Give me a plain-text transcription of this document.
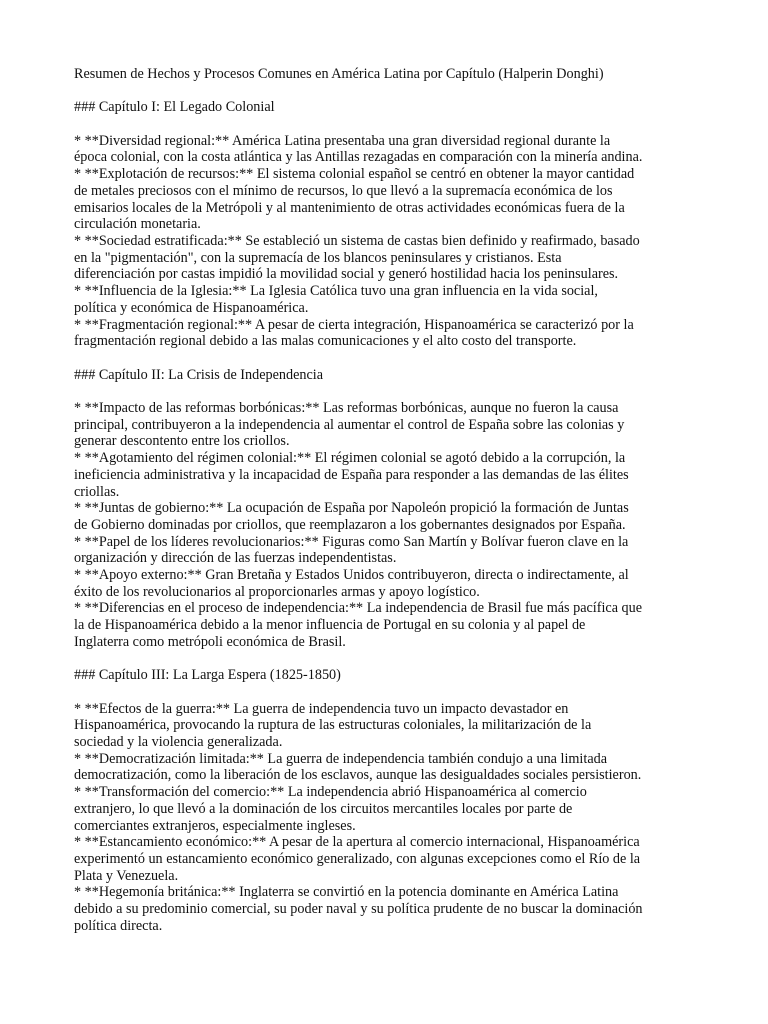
Resumen de Hechos y Procesos Comunes en América Latina por Capítulo (Halperin Donghi)

### Capítulo I: El Legado Colonial

* **Diversidad regional:** América Latina presentaba una gran diversidad regional durante la
época colonial, con la costa atlántica y las Antillas rezagadas en comparación con la minería andina.
* **Explotación de recursos:** El sistema colonial español se centró en obtener la mayor cantidad
de metales preciosos con el mínimo de recursos, lo que llevó a la supremacía económica de los
emisarios locales de la Metrópoli y al mantenimiento de otras actividades económicas fuera de la
circulación monetaria.
* **Sociedad estratificada:** Se estableció un sistema de castas bien definido y reafirmado, basado
en la "pigmentación", con la supremacía de los blancos peninsulares y cristianos. Esta
diferenciación por castas impidió la movilidad social y generó hostilidad hacia los peninsulares.
* **Influencia de la Iglesia:** La Iglesia Católica tuvo una gran influencia en la vida social,
política y económica de Hispanoamérica.
* **Fragmentación regional:** A pesar de cierta integración, Hispanoamérica se caracterizó por la
fragmentación regional debido a las malas comunicaciones y el alto costo del transporte.

### Capítulo II: La Crisis de Independencia

* **Impacto de las reformas borbónicas:** Las reformas borbónicas, aunque no fueron la causa
principal, contribuyeron a la independencia al aumentar el control de España sobre las colonias y
generar descontento entre los criollos.
* **Agotamiento del régimen colonial:** El régimen colonial se agotó debido a la corrupción, la
ineficiencia administrativa y la incapacidad de España para responder a las demandas de las élites
criollas.
* **Juntas de gobierno:** La ocupación de España por Napoleón propició la formación de Juntas
de Gobierno dominadas por criollos, que reemplazaron a los gobernantes designados por España.
* **Papel de los líderes revolucionarios:** Figuras como San Martín y Bolívar fueron clave en la
organización y dirección de las fuerzas independentistas.
* **Apoyo externo:** Gran Bretaña y Estados Unidos contribuyeron, directa o indirectamente, al
éxito de los revolucionarios al proporcionarles armas y apoyo logístico.
* **Diferencias en el proceso de independencia:** La independencia de Brasil fue más pacífica que
la de Hispanoamérica debido a la menor influencia de Portugal en su colonia y al papel de
Inglaterra como metrópoli económica de Brasil.

### Capítulo III: La Larga Espera (1825-1850)

* **Efectos de la guerra:** La guerra de independencia tuvo un impacto devastador en
Hispanoamérica, provocando la ruptura de las estructuras coloniales, la militarización de la
sociedad y la violencia generalizada.
* **Democratización limitada:** La guerra de independencia también condujo a una limitada
democratización, como la liberación de los esclavos, aunque las desigualdades sociales persistieron.
* **Transformación del comercio:** La independencia abrió Hispanoamérica al comercio
extranjero, lo que llevó a la dominación de los circuitos mercantiles locales por parte de
comerciantes extranjeros, especialmente ingleses.
* **Estancamiento económico:** A pesar de la apertura al comercio internacional, Hispanoamérica
experimentó un estancamiento económico generalizado, con algunas excepciones como el Río de la
Plata y Venezuela.
* **Hegemonía británica:** Inglaterra se convirtió en la potencia dominante en América Latina
debido a su predominio comercial, su poder naval y su política prudente de no buscar la dominación
política directa.
